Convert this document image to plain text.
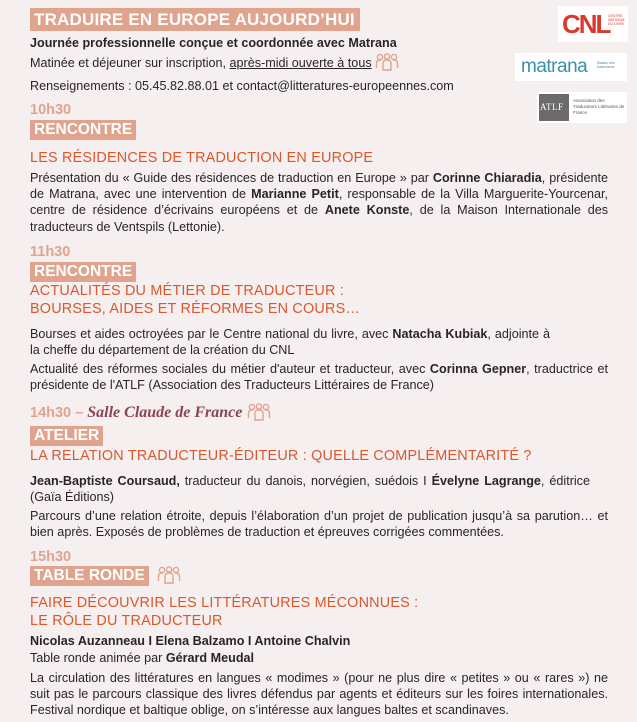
CNL
CENTRE NATIONAL DU LIVRE
matrana	Maison des traducteurs
ATLF
Association des Traducteurs Littéraires de France
TRADUIRE EN EUROPE AUJOURD’HUI
Journée professionnelle conçue et coordonnée avec Matrana
Matinée et déjeuner sur inscription, après-midi ouverte à tous
Renseignements : 05.45.82.88.01 et contact@litteratures-europeennes.com
10h30
RENCONTRE
LES RÉSIDENCES DE TRADUCTION EN EUROPE
Présentation du « Guide des résidences de traduction en Europe » par Corinne Chiaradia, présidente de Matrana, avec une intervention de Marianne Petit, responsable de la Villa Marguerite-Yourcenar, centre de résidence d’écrivains européens et de Anete Konste, de la Maison Internationale des traducteurs de Ventspils (Lettonie).
11h30
RENCONTRE
ACTUALITÉS DU MÉTIER DE TRADUCTEUR :
BOURSES, AIDES ET RÉFORMES EN COURS…
Bourses et aides octroyées par le Centre national du livre, avec Natacha Kubiak, adjointe à la cheffe du département de la création du CNL
Actualité des réformes sociales du métier d'auteur et traducteur, avec Corinna Gepner, traductrice et présidente de l'ATLF (Association des Traducteurs Littéraires de France)
14h30 – Salle Claude de France
ATELIER
LA RELATION TRADUCTEUR-ÉDITEUR : QUELLE COMPLÉMENTARITÉ ?
Jean-Baptiste Coursaud, traducteur du danois, norvégien, suédois I Évelyne Lagrange, éditrice (Gaïa Éditions)
Parcours d’une relation étroite, depuis l’élaboration d’un projet de publication jusqu’à sa parution… et bien après. Exposés de problèmes de traduction et épreuves corrigées commentées.
15h30
TABLE RONDE
FAIRE DÉCOUVRIR LES LITTÉRATURES MÉCONNUES :
LE RÔLE DU TRADUCTEUR
Nicolas Auzanneau I Elena Balzamo I Antoine Chalvin
Table ronde animée par Gérard Meudal
La circulation des littératures en langues « modimes » (pour ne plus dire « petites » ou « rares ») ne suit pas le parcours classique des livres défendus par agents et éditeurs sur les foires internationales. Festival nordique et baltique oblige, on s’intéresse aux langues baltes et scandinaves.
